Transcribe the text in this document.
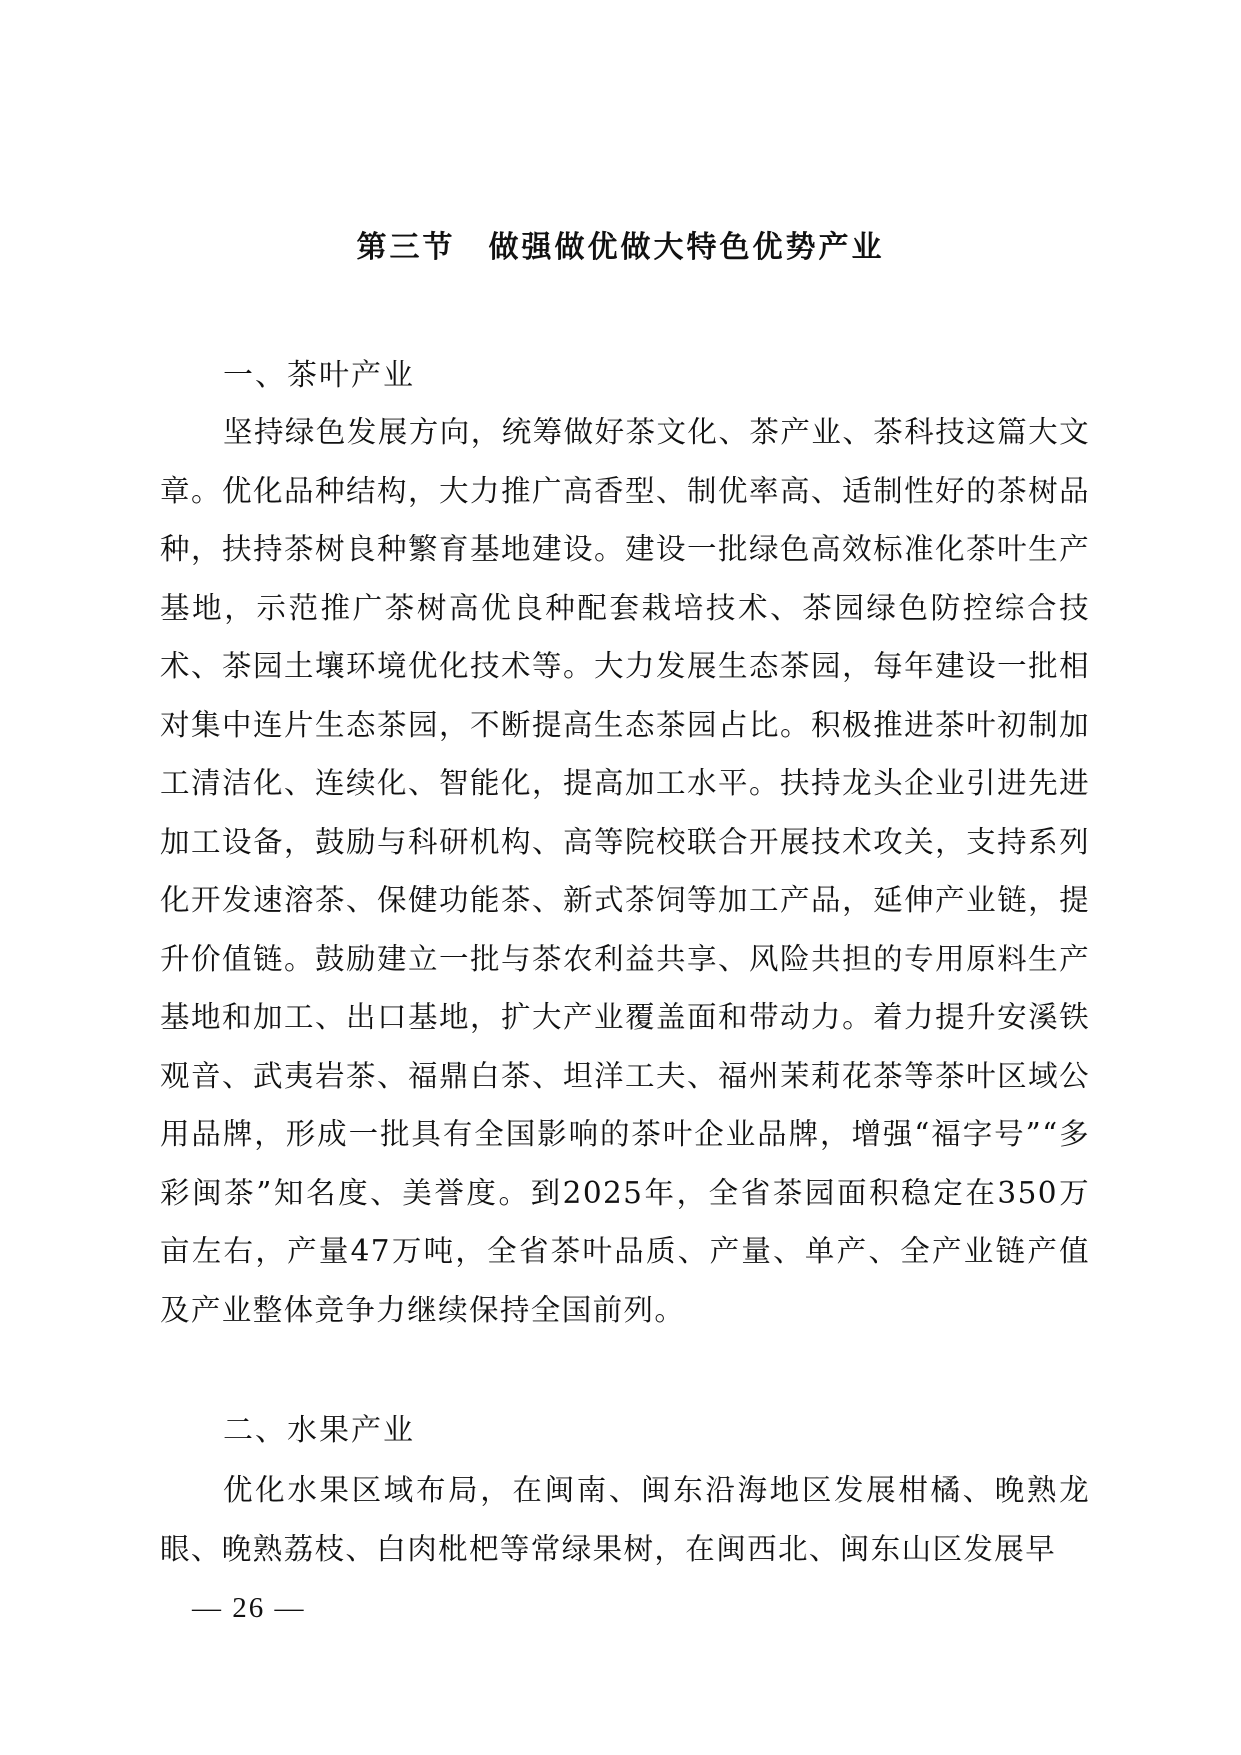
第三节　做强做优做大特色优势产业
一、茶叶产业

坚持绿色发展方向，统筹做好茶文化、茶产业、茶科技这篇大文章。优化品种结构，大力推广高香型、制优率高、适制性好的茶树品种，扶持茶树良种繁育基地建设。建设一批绿色高效标准化茶叶生产基地，示范推广茶树高优良种配套栽培技术、茶园绿色防控综合技术、茶园土壤环境优化技术等。大力发展生态茶园，每年建设一批相对集中连片生态茶园，不断提高生态茶园占比。积极推进茶叶初制加工清洁化、连续化、智能化，提高加工水平。扶持龙头企业引进先进加工设备，鼓励与科研机构、高等院校联合开展技术攻关，支持系列化开发速溶茶、保健功能茶、新式茶饲等加工产品，延伸产业链，提升价值链。鼓励建立一批与茶农利益共享、风险共担的专用原料生产基地和加工、出口基地，扩大产业覆盖面和带动力。着力提升安溪铁观音、武夷岩茶、福鼎白茶、坦洋工夫、福州茉莉花茶等茶叶区域公用品牌，形成一批具有全国影响的茶叶企业品牌，增强“福字号”“多彩闽茶”知名度、美誉度。到2025年，全省茶园面积稳定在350万亩左右，产量47万吨，全省茶叶品质、产量、单产、全产业链产值及产业整体竞争力继续保持全国前列。

二、水果产业

优化水果区域布局，在闽南、闽东沿海地区发展柑橘、晚熟龙眼、晚熟荔枝、白肉枇杷等常绿果树，在闽西北、闽东山区发展早

— 26 —
